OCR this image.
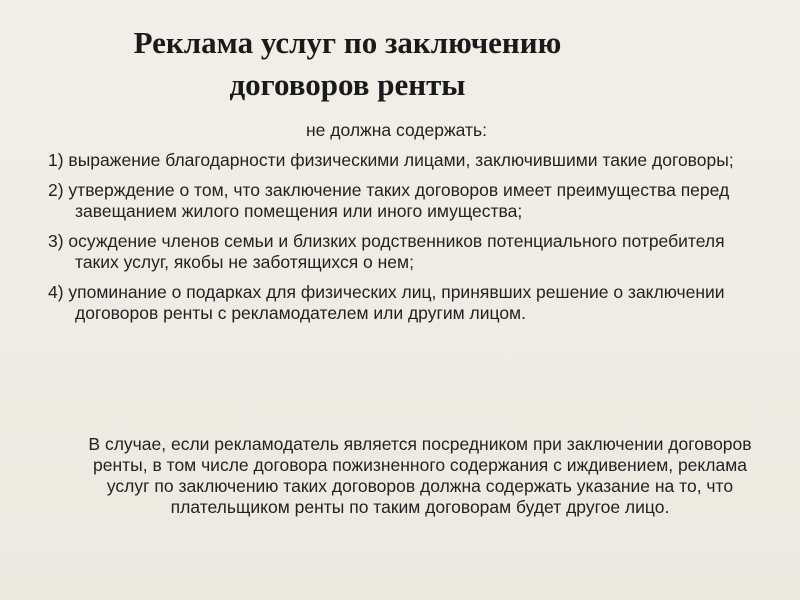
Реклама услуг по заключению
договоров ренты
не должна содержать:
1) выражение благодарности физическими лицами, заключившими такие договоры;
2) утверждение о том, что заключение таких договоров имеет преимущества перед завещанием жилого помещения или иного имущества;
3) осуждение членов семьи и близких родственников потенциального потребителя таких услуг, якобы не заботящихся о нем;
4) упоминание о подарках для физических лиц, принявших решение о заключении договоров ренты с рекламодателем или другим лицом.
В случае, если рекламодатель является посредником при заключении договоров ренты, в том числе договора пожизненного содержания с иждивением, реклама услуг по заключению таких договоров должна содержать указание на то, что плательщиком ренты по таким договорам будет другое лицо.
